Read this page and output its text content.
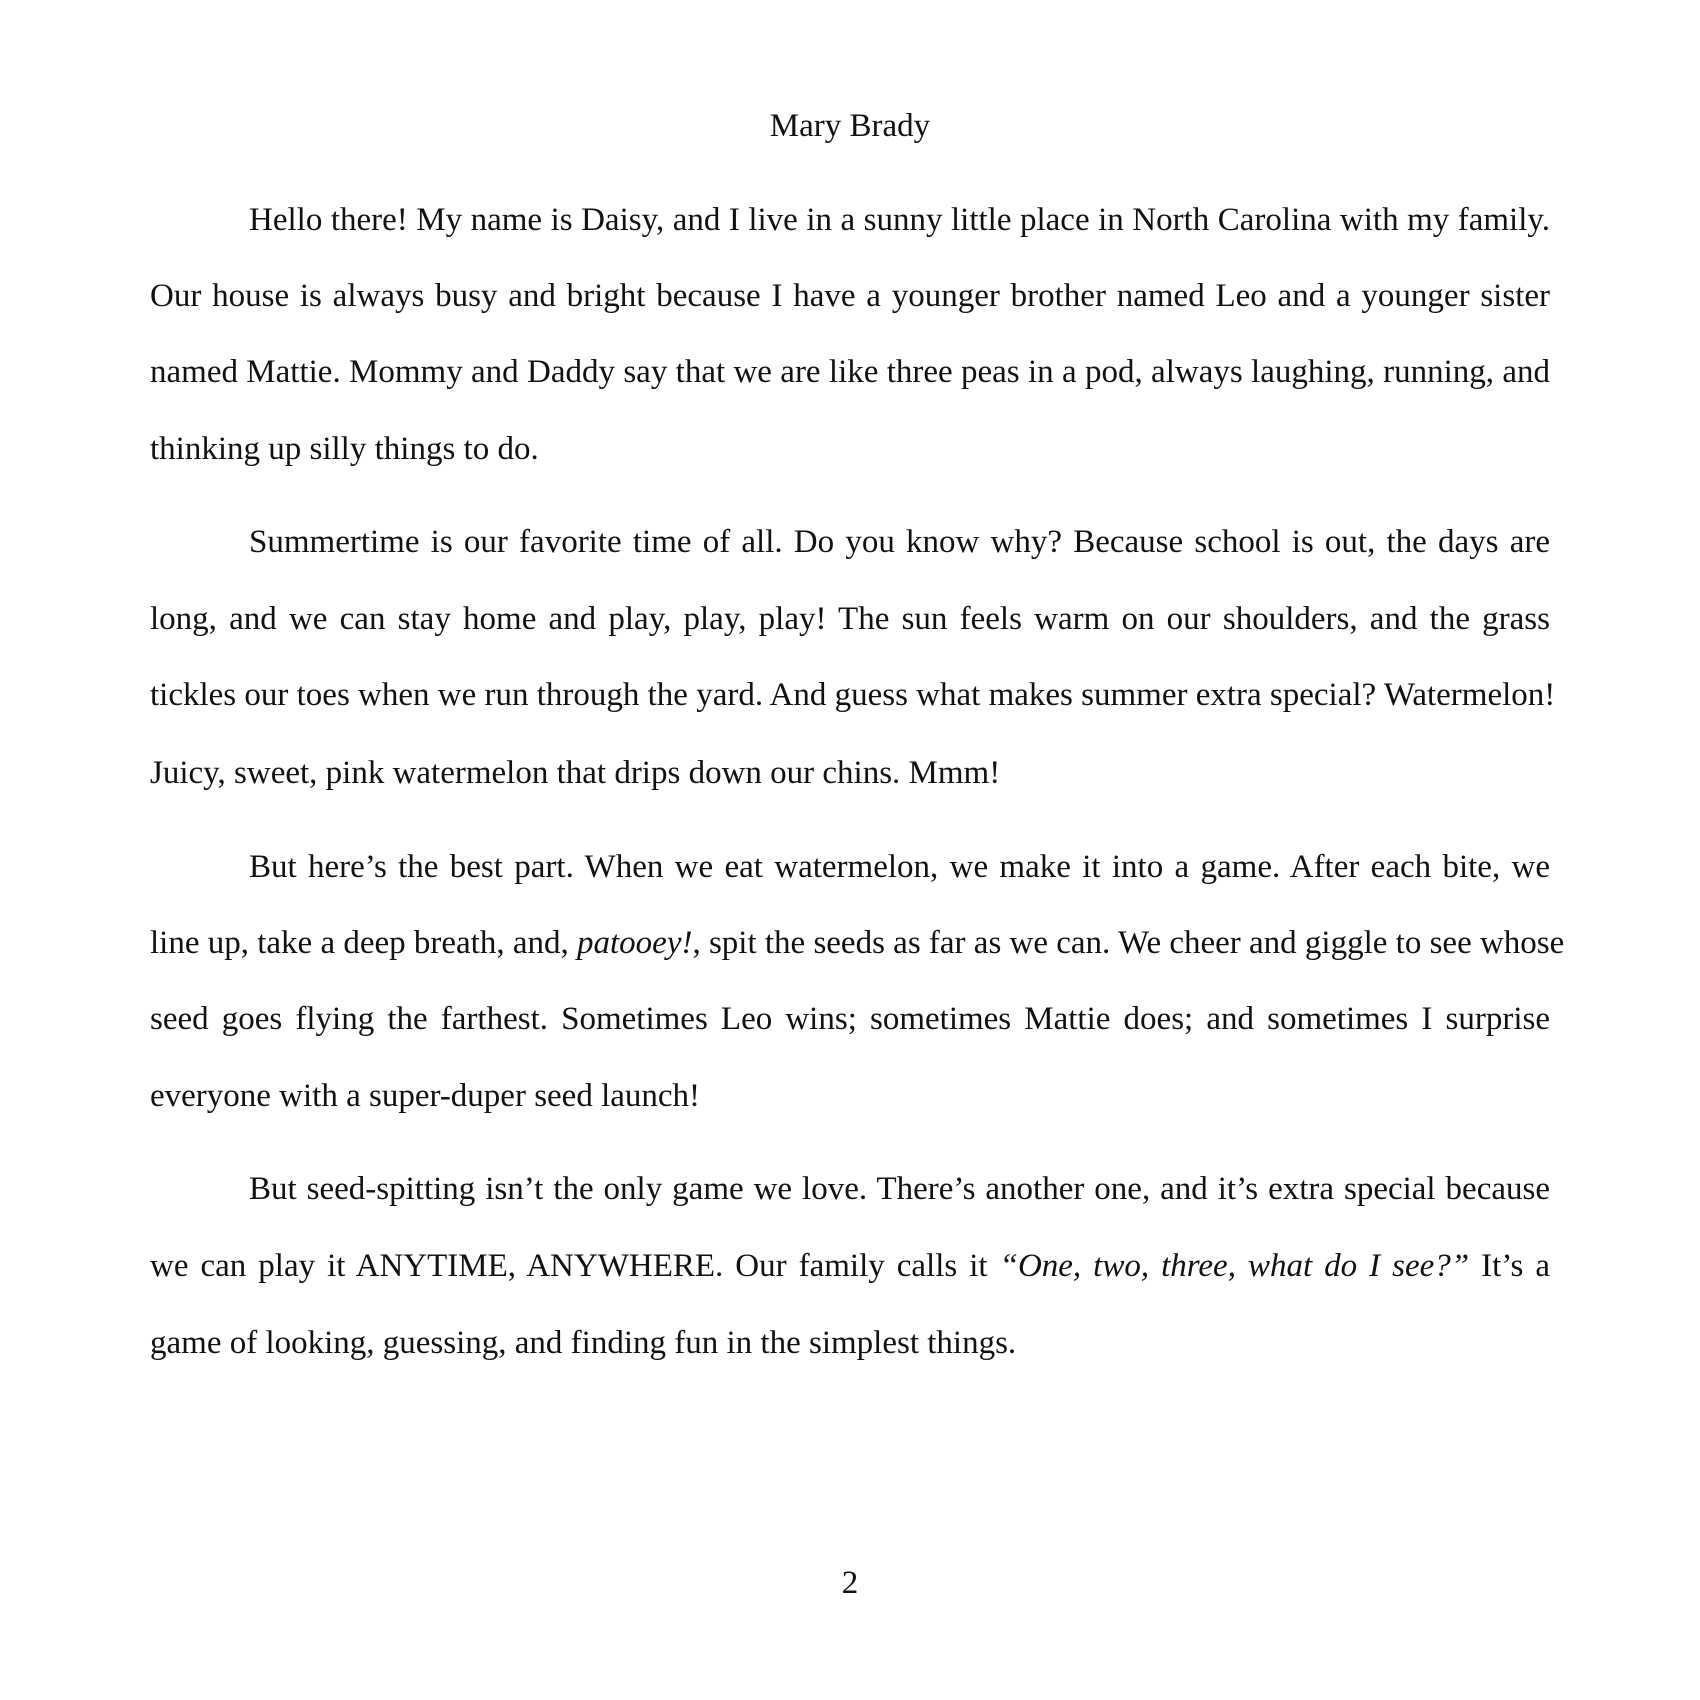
Mary Brady
Hello there! My name is Daisy, and I live in a sunny little place in North Carolina with my family.
Our house is always busy and bright because I have a younger brother named Leo and a younger sister
named Mattie. Mommy and Daddy say that we are like three peas in a pod, always laughing, running, and
thinking up silly things to do.
Summertime is our favorite time of all. Do you know why? Because school is out, the days are
long, and we can stay home and play, play, play! The sun feels warm on our shoulders, and the grass
tickles our toes when we run through the yard. And guess what makes summer extra special? Watermelon!
Juicy, sweet, pink watermelon that drips down our chins. Mmm!
But here’s the best part. When we eat watermelon, we make it into a game. After each bite, we
line up, take a deep breath, and, patooey!, spit the seeds as far as we can. We cheer and giggle to see whose
seed goes flying the farthest. Sometimes Leo wins; sometimes Mattie does; and sometimes I surprise
everyone with a super-duper seed launch!
But seed-spitting isn’t the only game we love. There’s another one, and it’s extra special because
we can play it ANYTIME, ANYWHERE. Our family calls it “One, two, three, what do I see?” It’s a
game of looking, guessing, and finding fun in the simplest things.
2
